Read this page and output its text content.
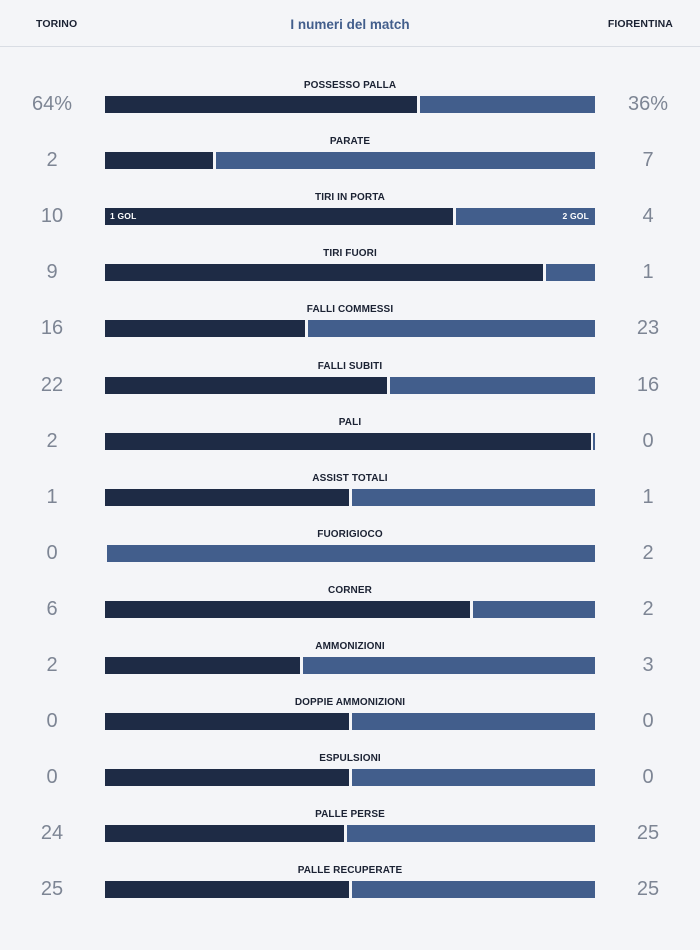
TORINO	I numeri del match	FIORENTINA
POSSESSO PALLA
64%	36%
PARATE
2	7
TIRI IN PORTA
10	4
1 GOL	2 GOL
TIRI FUORI
9	1
FALLI COMMESSI
16	23
FALLI SUBITI
22	16
PALI
2	0
ASSIST TOTALI
1	1
FUORIGIOCO
0	2
CORNER
6	2
AMMONIZIONI
2	3
DOPPIE AMMONIZIONI
0	0
ESPULSIONI
0	0
PALLE PERSE
24	25
PALLE RECUPERATE
25	25
